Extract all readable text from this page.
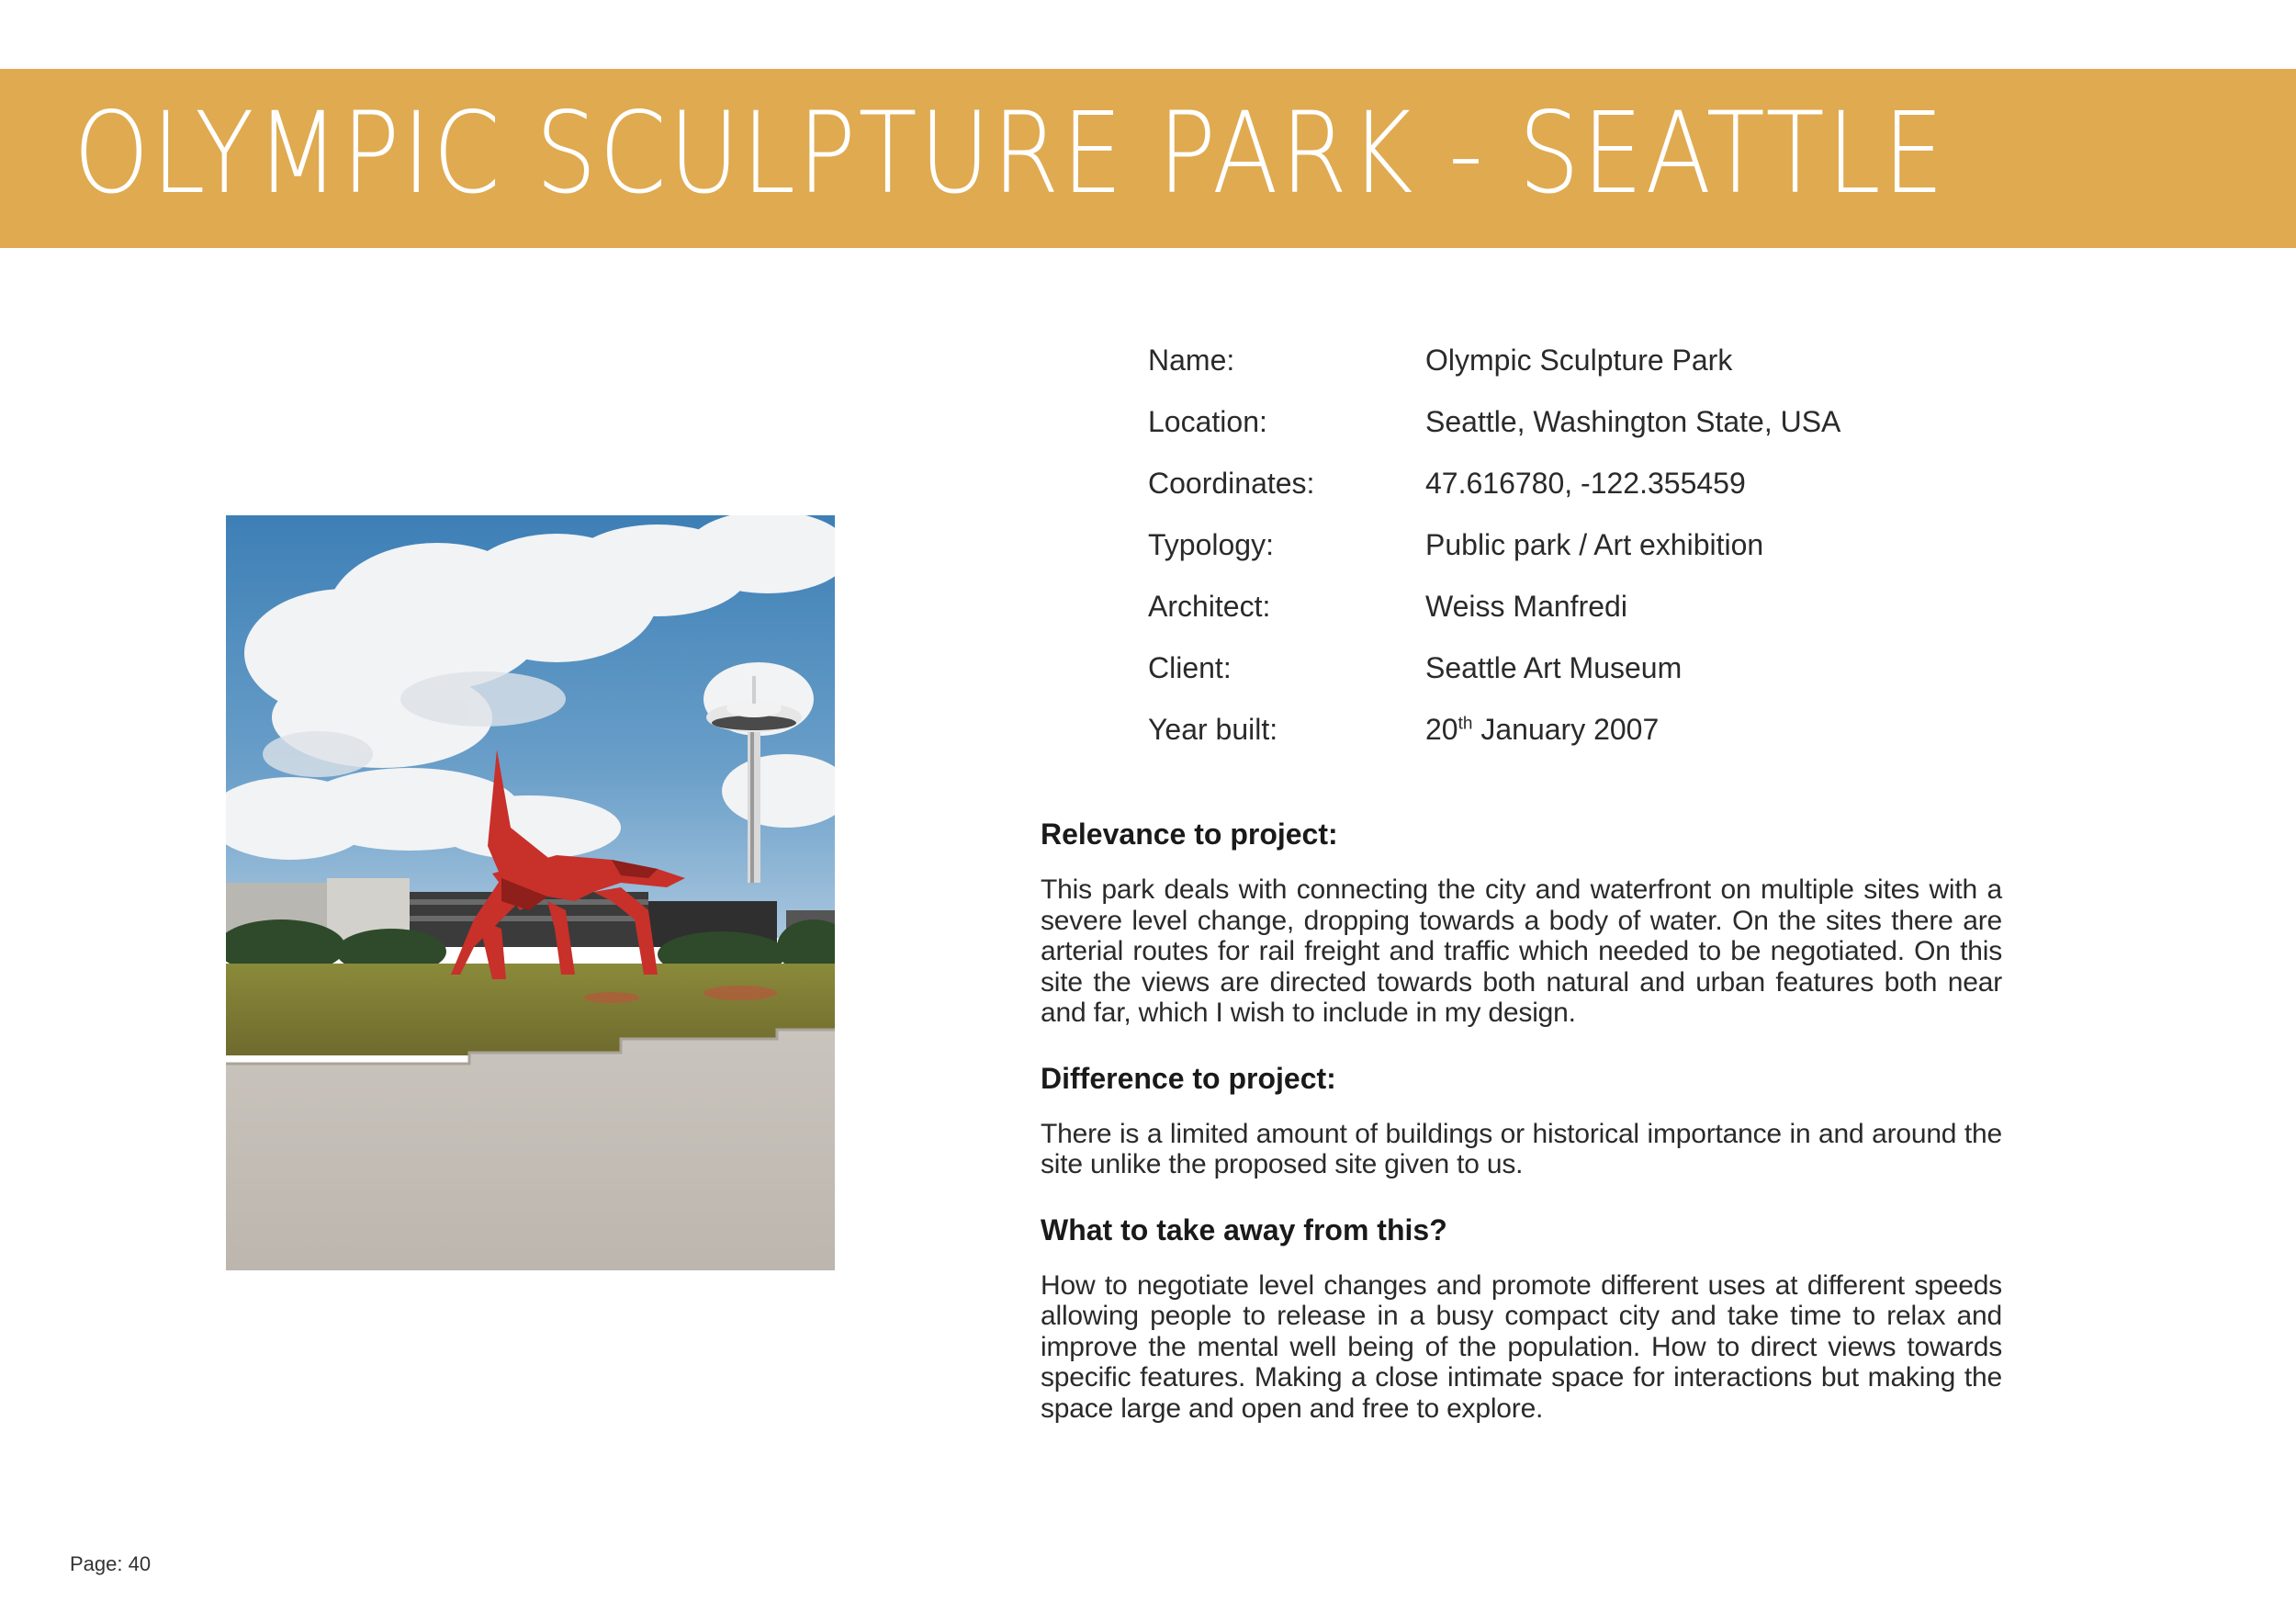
OLYMPIC SCULPTURE PARK - SEATTLE
Name:	Olympic Sculpture Park
Location:	Seattle, Washington State, USA
Coordinates:	47.616780, -122.355459
Typology:	Public park / Art exhibition
Architect:	Weiss Manfredi
Client:	Seattle Art Museum
Year built:	20th January 2007
Relevance to project:

This park deals with connecting the city and waterfront on multiple sites with a severe level change, dropping towards a body of water. On the sites there are arterial routes for rail freight and traffic which needed to be negotiated. On this site the views are directed towards both natural and urban features both near and far, which I wish to include in my design.

Difference to project:

There is a limited amount of buildings or historical importance in and around the site unlike the proposed site given to us.

What to take away from this?

How to negotiate level changes and promote different uses at different speeds allowing people to release in a busy compact city and take time to relax and improve the mental well being of the population. How to direct views towards specific features. Making a close intimate space for interactions but making the space large and open and free to explore.

Page: 40
